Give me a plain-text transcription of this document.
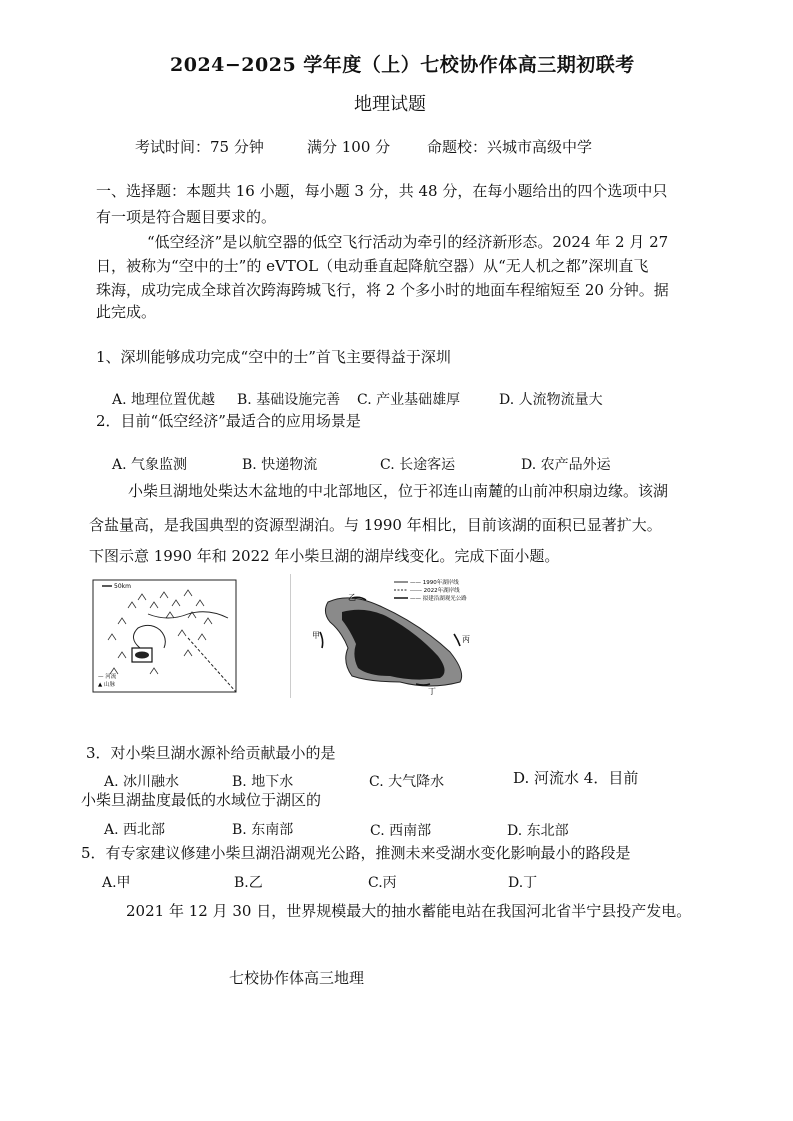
2024−2025 学年度（上）七校协作体高三期初联考
地理试题
考试时间：75 分钟	满分 100 分 命题校：兴城市高级中学
一、选择题：本题共 16 小题，每小题 3 分，共 48 分，在每小题给出的四个选项中只
有一项是符合题目要求的。
“低空经济”是以航空器的低空飞行活动为牵引的经济新形态。2024 年 2 月 27
日，被称为“空中的士”的 eVTOL（电动垂直起降航空器）从“无人机之都”深圳直飞
珠海，成功完成全球首次跨海跨城飞行，将 2 个多小时的地面车程缩短至 20 分钟。据
此完成。
1、深圳能够成功完成“空中的士”首飞主要得益于深圳
A. 地理位置优越 B. 基础设施完善 C. 产业基础雄厚	D. 人流物流量大
2．目前“低空经济”最适合的应用场景是
A. 气象监测	B. 快递物流	C. 长途客运	D. 农产品外运
小柴旦湖地处柴达木盆地的中北部地区，位于祁连山南麓的山前冲积扇边缘。该湖
含盐量高，是我国典型的资源型湖泊。与 1990 年相比，目前该湖的面积已显著扩大。
下图示意 1990 年和 2022 年小柴旦湖的湖岸线变化。完成下面小题。
50km
— 河流
▲ 山脉
—— 1990年湖岸线
------ 2022年湖岸线
—— 拟建沿湖观光公路
乙
甲	丙
丁
3．对小柴旦湖水源补给贡献最小的是
A. 冰川融水	B. 地下水	C. 大气降水	D. 河流水 4．目前
小柴旦湖盐度最低的水域位于湖区的
A. 西北部	B. 东南部	C. 西南部	D. 东北部
5．有专家建议修建小柴旦湖沿湖观光公路，推测未来受湖水变化影响最小的路段是
A.甲	B.乙	C.丙	D.丁
2021 年 12 月 30 日，世界规模最大的抽水蓄能电站在我国河北省半宁县投产发电。
七校协作体高三地理
